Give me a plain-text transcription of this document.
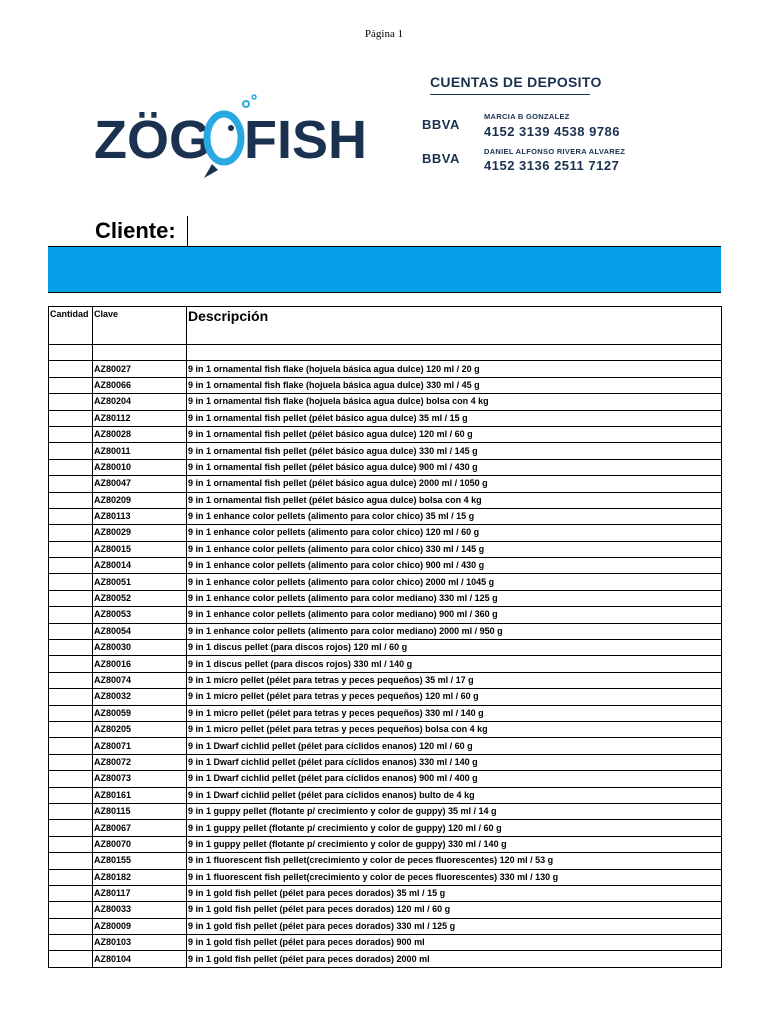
Página 1
ZÖG FISH
CUENTAS DE DEPOSITO
BBVA
MARCIA B GONZALEZ
4152 3139 4538 9786
BBVA	DANIEL ALFONSO RIVERA ALVAREZ
4152 3136 2511 7127
Cliente:
Cantidad	Clave	Descripción

	AZ80027	9 in 1 ornamental fish flake (hojuela básica agua dulce) 120 ml / 20 g
	AZ80066	9 in 1 ornamental fish flake (hojuela básica agua dulce) 330 ml / 45 g
	AZ80204	9 in 1 ornamental fish flake (hojuela básica agua dulce) bolsa con 4 kg
	AZ80112	9 in 1 ornamental fish pellet (pélet básico agua dulce) 35 ml / 15 g
	AZ80028	9 in 1 ornamental fish pellet (pélet básico agua dulce) 120 ml / 60 g
	AZ80011	9 in 1 ornamental fish pellet (pélet básico agua dulce) 330 ml / 145 g
	AZ80010	9 in 1 ornamental fish pellet (pélet básico agua dulce) 900 ml / 430 g
	AZ80047	9 in 1 ornamental fish pellet (pélet básico agua dulce) 2000 ml / 1050 g
	AZ80209	9 in 1 ornamental fish pellet (pélet básico agua dulce) bolsa con 4 kg
	AZ80113	9 in 1 enhance color pellets (alimento para color chico) 35 ml / 15 g
	AZ80029	9 in 1 enhance color pellets (alimento para color chico) 120 ml / 60 g
	AZ80015	9 in 1 enhance color pellets (alimento para color chico) 330 ml / 145 g
	AZ80014	9 in 1 enhance color pellets (alimento para color chico) 900 ml / 430 g
	AZ80051	9 in 1 enhance color pellets (alimento para color chico) 2000 ml / 1045 g
	AZ80052	9 in 1 enhance color pellets (alimento para color mediano) 330 ml / 125 g
	AZ80053	9 in 1 enhance color pellets (alimento para color mediano) 900 ml / 360 g
	AZ80054	9 in 1 enhance color pellets (alimento para color mediano) 2000 ml / 950 g
	AZ80030	9 in 1 discus pellet (para discos rojos) 120 ml / 60 g
	AZ80016	9 in 1 discus pellet (para discos rojos) 330 ml / 140 g
	AZ80074	9 in 1 micro pellet (pélet para tetras y peces pequeños) 35 ml / 17 g
	AZ80032	9 in 1 micro pellet (pélet para tetras y peces pequeños) 120 ml / 60 g
	AZ80059	9 in 1 micro pellet (pélet para tetras y peces pequeños) 330 ml / 140 g
	AZ80205	9 in 1 micro pellet (pélet para tetras y peces pequeños) bolsa con 4 kg
	AZ80071	9 in 1 Dwarf cichlid pellet (pélet para cíclidos enanos) 120 ml / 60 g
	AZ80072	9 in 1 Dwarf cichlid pellet (pélet para cíclidos enanos) 330 ml / 140 g
	AZ80073	9 in 1 Dwarf cichlid pellet (pélet para cíclidos enanos) 900 ml / 400 g
	AZ80161	9 in 1 Dwarf cichlid pellet (pélet para cíclidos enanos) bulto de 4 kg
	AZ80115	9 in 1 guppy pellet (flotante p/ crecimiento y color de guppy) 35 ml / 14 g
	AZ80067	9 in 1 guppy pellet (flotante p/ crecimiento y color de guppy) 120 ml / 60 g
	AZ80070	9 in 1 guppy pellet (flotante p/ crecimiento y color de guppy) 330 ml / 140 g
	AZ80155	9 in 1 fluorescent fish pellet(crecimiento y color de peces fluorescentes) 120 ml / 53 g
	AZ80182	9 in 1 fluorescent fish pellet(crecimiento y color de peces fluorescentes) 330 ml / 130 g
	AZ80117	9 in 1 gold fish pellet (pélet para peces dorados) 35 ml / 15 g
	AZ80033	9 in 1 gold fish pellet (pélet para peces dorados) 120 ml / 60 g
	AZ80009	9 in 1 gold fish pellet (pélet para peces dorados) 330 ml / 125 g
	AZ80103	9 in 1 gold fish pellet (pélet para peces dorados) 900 ml
	AZ80104	9 in 1 gold fish pellet (pélet para peces dorados) 2000 ml
